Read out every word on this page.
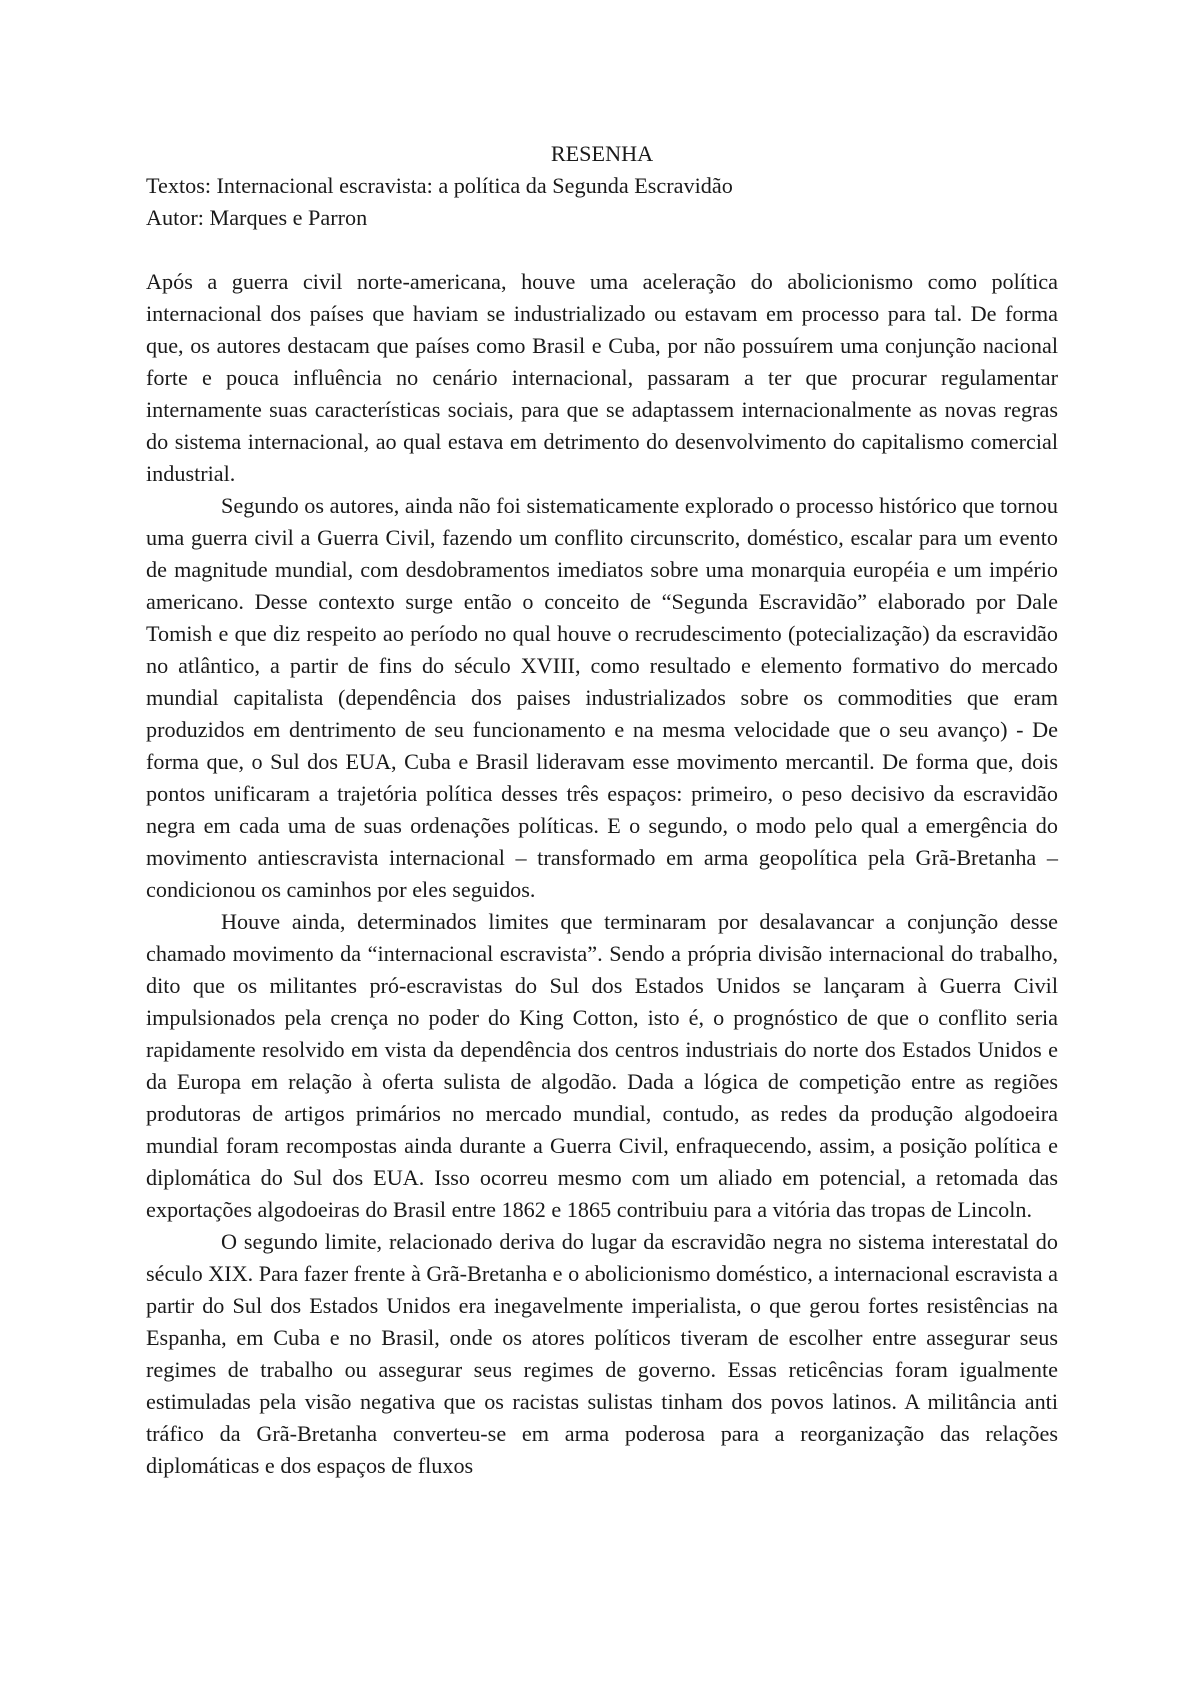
RESENHA

Textos: Internacional escravista: a política da Segunda Escravidão

Autor: Marques e Parron

Após a guerra civil norte-americana, houve uma aceleração do abolicionismo como política internacional dos países que haviam se industrializado ou estavam em processo para tal. De forma que, os autores destacam que países como Brasil e Cuba, por não possuírem uma conjunção nacional forte e pouca influência no cenário internacional, passaram a ter que procurar regulamentar internamente suas características sociais, para que se adaptassem internacionalmente as novas regras do sistema internacional, ao qual estava em detrimento do desenvolvimento do capitalismo comercial industrial.

Segundo os autores, ainda não foi sistematicamente explorado o processo histórico que tornou uma guerra civil a Guerra Civil, fazendo um conflito circunscrito, doméstico, escalar para um evento de magnitude mundial, com desdobramentos imediatos sobre uma monarquia européia e um império americano. Desse contexto surge então o conceito de “Segunda Escravidão” elaborado por Dale Tomish e que diz respeito ao período no qual houve o recrudescimento (potecialização) da escravidão no atlântico, a partir de fins do século XVIII, como resultado e elemento formativo do mercado mundial capitalista (dependência dos paises industrializados sobre os commodities que eram produzidos em dentrimento de seu funcionamento e na mesma velocidade que o seu avanço) - De forma que, o Sul dos EUA, Cuba e Brasil lideravam esse movimento mercantil. De forma que, dois pontos unificaram a trajetória política desses três espaços: primeiro, o peso decisivo da escravidão negra em cada uma de suas ordenações políticas. E o segundo, o modo pelo qual a emergência do movimento antiescravista internacional – transformado em arma geopolítica pela Grã-Bretanha – condicionou os caminhos por eles seguidos.

Houve ainda, determinados limites que terminaram por desalavancar a conjunção desse chamado movimento da “internacional escravista”. Sendo a própria divisão internacional do trabalho, dito que os militantes pró-escravistas do Sul dos Estados Unidos se lançaram à Guerra Civil impulsionados pela crença no poder do King Cotton, isto é, o prognóstico de que o conflito seria rapidamente resolvido em vista da dependência dos centros industriais do norte dos Estados Unidos e da Europa em relação à oferta sulista de algodão. Dada a lógica de competição entre as regiões produtoras de artigos primários no mercado mundial, contudo, as redes da produção algodoeira mundial foram recompostas ainda durante a Guerra Civil, enfraquecendo, assim, a posição política e diplomática do Sul dos EUA. Isso ocorreu mesmo com um aliado em potencial, a retomada das exportações algodoeiras do Brasil entre 1862 e 1865 contribuiu para a vitória das tropas de Lincoln.

O segundo limite, relacionado deriva do lugar da escravidão negra no sistema interestatal do século XIX. Para fazer frente à Grã-Bretanha e o abolicionismo doméstico, a internacional escravista a partir do Sul dos Estados Unidos era inegavelmente imperialista, o que gerou fortes resistências na Espanha, em Cuba e no Brasil, onde os atores políticos tiveram de escolher entre assegurar seus regimes de trabalho ou assegurar seus regimes de governo. Essas reticências foram igualmente estimuladas pela visão negativa que os racistas sulistas tinham dos povos latinos. A militância anti tráfico da Grã-Bretanha converteu-se em arma poderosa para a reorganização das relações diplomáticas e dos espaços de fluxos
